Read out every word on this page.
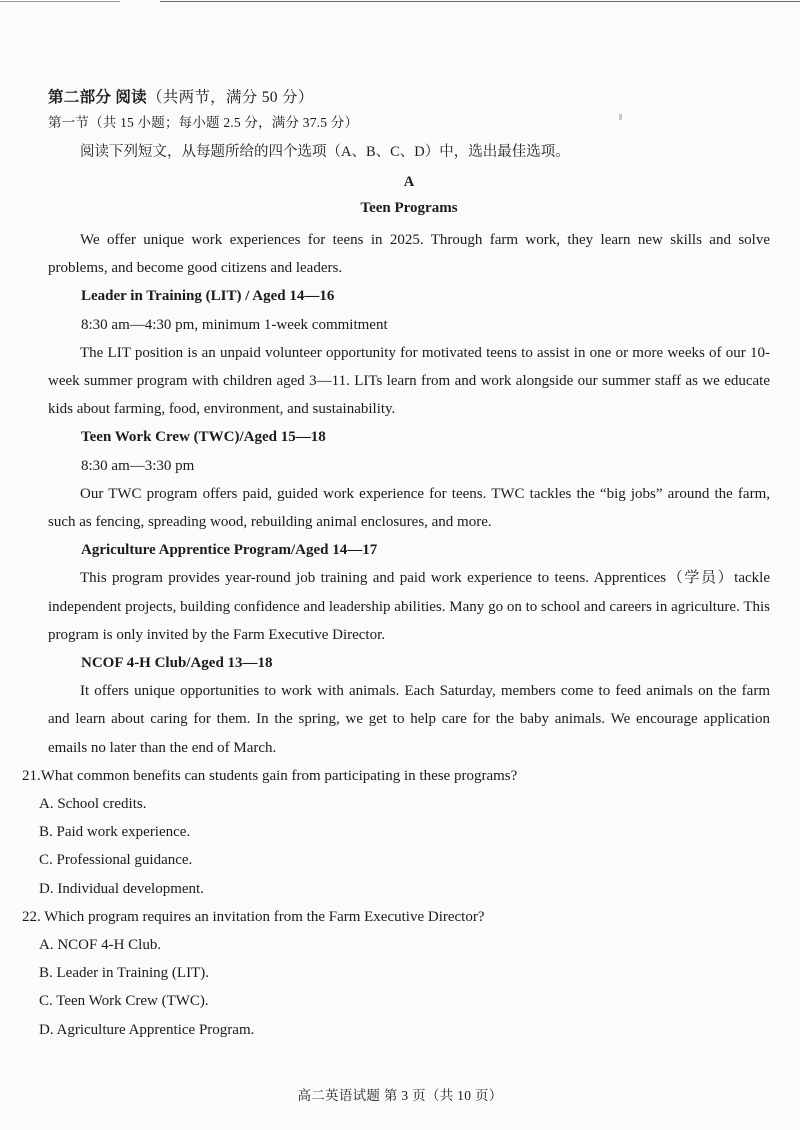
第二部分 阅读（共两节，满分 50 分）
第一节（共 15 小题；每小题 2.5 分，满分 37.5 分）
阅读下列短文，从每题所给的四个选项（A、B、C、D）中，选出最佳选项。
A
Teen Programs

We offer unique work experiences for teens in 2025. Through farm work, they learn new skills and solve problems, and become good citizens and leaders.

Leader in Training (LIT) / Aged 14—16
8:30 am—4:30 pm, minimum 1-week commitment

The LIT position is an unpaid volunteer opportunity for motivated teens to assist in one or more weeks of our 10-week summer program with children aged 3—11. LITs learn from and work alongside our summer staff as we educate kids about farming, food, environment, and sustainability.

Teen Work Crew (TWC)/Aged 15—18
8:30 am—3:30 pm

Our TWC program offers paid, guided work experience for teens. TWC tackles the “big jobs” around the farm, such as fencing, spreading wood, rebuilding animal enclosures, and more.

Agriculture Apprentice Program/Aged 14—17

This program provides year-round job training and paid work experience to teens. Apprentices（学员）tackle independent projects, building confidence and leadership abilities. Many go on to school and careers in agriculture. This program is only invited by the Farm Executive Director.

NCOF 4-H Club/Aged 13—18

It offers unique opportunities to work with animals. Each Saturday, members come to feed animals on the farm and learn about caring for them. In the spring, we get to help care for the baby animals. We encourage application emails no later than the end of March.

21.What common benefits can students gain from participating in these programs?
A. School credits.
B. Paid work experience.
C. Professional guidance.
D. Individual development.
22. Which program requires an invitation from the Farm Executive Director?
A. NCOF 4-H Club.
B. Leader in Training (LIT).
C. Teen Work Crew (TWC).
D. Agriculture Apprentice Program.
高二英语试题 第 3 页（共 10 页）
